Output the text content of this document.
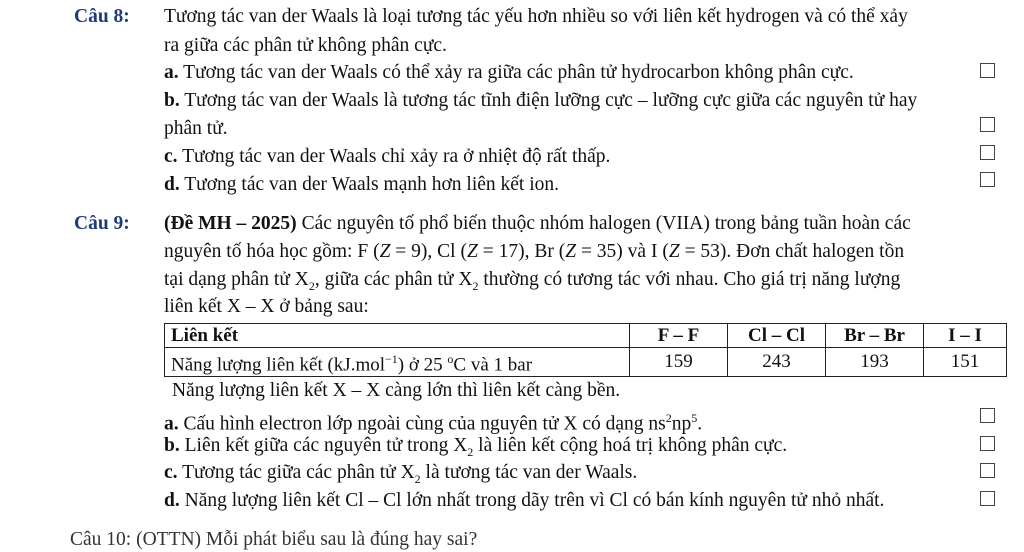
Câu 8: Tương tác van der Waals là loại tương tác yếu hơn nhiều so với liên kết hydrogen và có thể xảy
ra giữa các phân tử không phân cực.
a. Tương tác van der Waals có thể xảy ra giữa các phân tử hydrocarbon không phân cực.
b. Tương tác van der Waals là tương tác tĩnh điện lưỡng cực – lưỡng cực giữa các nguyên tử hay
phân tử.
c. Tương tác van der Waals chỉ xảy ra ở nhiệt độ rất thấp.
d. Tương tác van der Waals mạnh hơn liên kết ion.
Câu 9: (Đề MH – 2025) Các nguyên tố phổ biến thuộc nhóm halogen (VIIA) trong bảng tuần hoàn các
nguyên tố hóa học gồm: F (Z = 9), Cl (Z = 17), Br (Z = 35) và I (Z = 53). Đơn chất halogen tồn
tại dạng phân tử $X_2$, giữa các phân tử $X_2$ thường có tương tác với nhau. Cho giá trị năng lượng
liên kết X – X ở bảng sau:
Liên kết	F – F	Cl – Cl	Br – Br	I – I
Năng lượng liên kết (kJ.mol$^{-1}$) ở 25 $^o$C và 1 bar	159	243	193	151
Năng lượng liên kết X – X càng lớn thì liên kết càng bền.
a. Cấu hình electron lớp ngoài cùng của nguyên tử X có dạng $ns^2np^5$.
b. Liên kết giữa các nguyên tử trong $X_2$ là liên kết cộng hoá trị không phân cực.
c. Tương tác giữa các phân tử $X_2$ là tương tác van der Waals.
d. Năng lượng liên kết Cl – Cl lớn nhất trong dãy trên vì Cl có bán kính nguyên tử nhỏ nhất.
Câu 10: (OTTN) Mỗi phát biểu sau là đúng hay sai?
